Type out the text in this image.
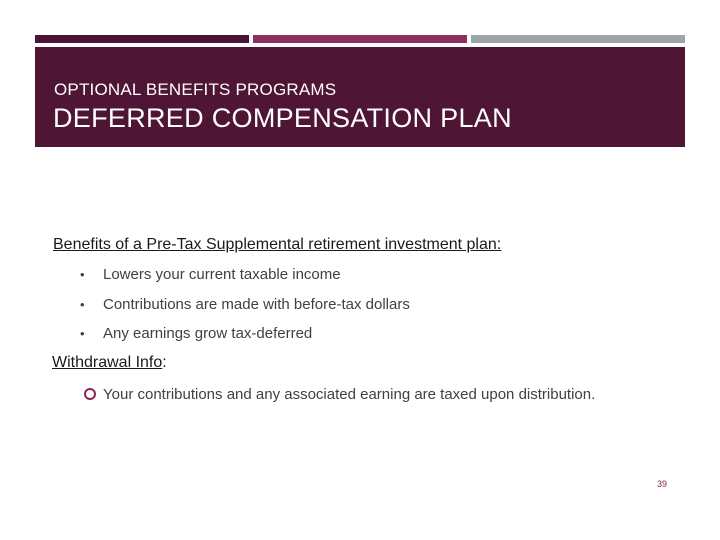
OPTIONAL BENEFITS PROGRAMS
DEFERRED COMPENSATION PLAN
Benefits of a Pre-Tax Supplemental retirement investment plan:
• Lowers your current taxable income
• Contributions are made with before-tax dollars
• Any earnings grow tax-deferred
Withdrawal Info:
Your contributions and any associated earning are taxed upon distribution.
39
